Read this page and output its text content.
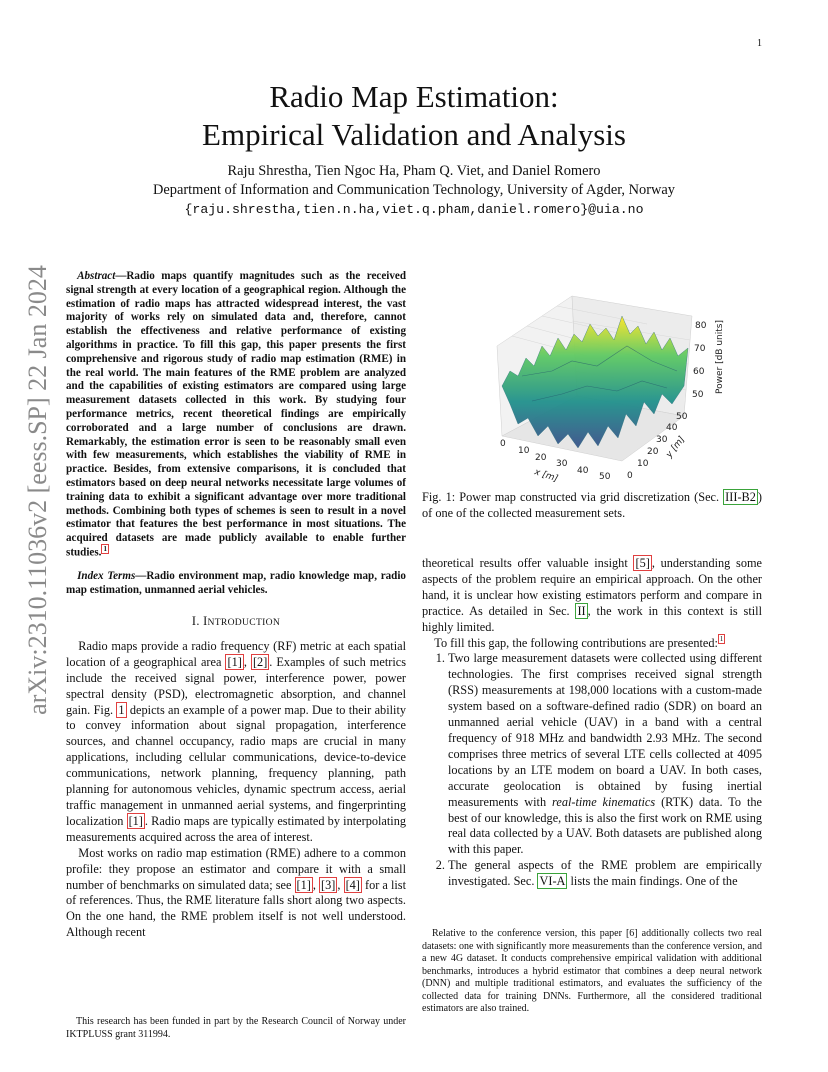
1
arXiv:2310.11036v2 [eess.SP] 22 Jan 2024
Radio Map Estimation:
Empirical Validation and Analysis
Raju Shrestha, Tien Ngoc Ha, Pham Q. Viet, and Daniel Romero
Department of Information and Communication Technology, University of Agder, Norway
{raju.shrestha,tien.n.ha,viet.q.pham,daniel.romero}@uia.no

Abstract—Radio maps quantify magnitudes such as the received signal strength at every location of a geographical region. Although the estimation of radio maps has attracted widespread interest, the vast majority of works rely on simulated data and, therefore, cannot establish the effectiveness and relative performance of existing algorithms in practice. To fill this gap, this paper presents the first comprehensive and rigorous study of radio map estimation (RME) in the real world. The main features of the RME problem are analyzed and the capabilities of existing estimators are compared using large measurement datasets collected in this work. By studying four performance metrics, recent theoretical findings are empirically corroborated and a large number of conclusions are drawn. Remarkably, the estimation error is seen to be reasonably small even with few measurements, which establishes the viability of RME in practice. Besides, from extensive comparisons, it is concluded that estimators based on deep neural networks necessitate large volumes of training data to exhibit a significant advantage over more traditional methods. Combining both types of schemes is seen to result in a novel estimator that features the best performance in most situations. The acquired datasets are made publicly available to enable further studies. $^1$

Index Terms—Radio environment map, radio knowledge map, radio map estimation, unmanned aerial vehicles.

I. INTRODUCTION

Radio maps provide a radio frequency (RF) metric at each spatial location of a geographical area [1] , [2] . Examples of such metrics include the received signal power, interference power, power spectral density (PSD), electromagnetic absorption, and channel gain. Fig. 1 depicts an example of a power map. Due to their ability to convey information about signal propagation, interference sources, and channel occupancy, radio maps are crucial in many applications, including cellular communications, device-to-device communications, network planning, frequency planning, path planning for autonomous vehicles, dynamic spectrum access, aerial traffic management in unmanned aerial systems, and fingerprinting localization [1] . Radio maps are typically estimated by interpolating measurements acquired across the area of interest.

Most works on radio map estimation (RME) adhere to a common profile: they propose an estimator and compare it with a small number of benchmarks on simulated data; see [1] , [3] , [4] for a list of references. Thus, the RME literature falls short along two aspects. On the one hand, the RME problem itself is not well understood. Although recent

This research has been funded in part by the Research Council of Norway under IKTPLUSS grant 311994.
80
70
60
50
Power [dB units]
0
10
20
30
40
50
x [m]	0
10
20
30
40
50
y [m]
Fig. 1: Power map constructed via grid discretization (Sec. III-B2 ) of one of the collected measurement sets.

theoretical results offer valuable insight [5] , understanding some aspects of the problem require an empirical approach. On the other hand, it is unclear how existing estimators perform and compare in practice. As detailed in Sec. II , the work in this context is still highly limited.

To fill this gap, the following contributions are presented: $^1$

1. Two large measurement datasets were collected using different technologies. The first comprises received signal strength (RSS) measurements at 198,000 locations with a custom-made system based on a software-defined radio (SDR) on board an unmanned aerial vehicle (UAV) in a band with a central frequency of 918 MHz and bandwidth 2.93 MHz. The second comprises three metrics of several LTE cells collected at 4095 locations by an LTE modem on board a UAV. In both cases, accurate geolocation is obtained by fusing inertial measurements with real-time kinematics (RTK) data. To the best of our knowledge, this is also the first work on RME using real data collected by a UAV. Both datasets are published along with this paper.
2. The general aspects of the RME problem are empirically investigated. Sec. VI-A lists the main findings. One of the
Relative to the conference version, this paper [6] additionally collects two real datasets: one with significantly more measurements than the conference version, and a new 4G dataset. It conducts comprehensive empirical validation with additional benchmarks, introduces a hybrid estimator that combines a deep neural network (DNN) and multiple traditional estimators, and evaluates the sufficiency of the collected data for training DNNs. Furthermore, all the considered traditional estimators are also trained.
